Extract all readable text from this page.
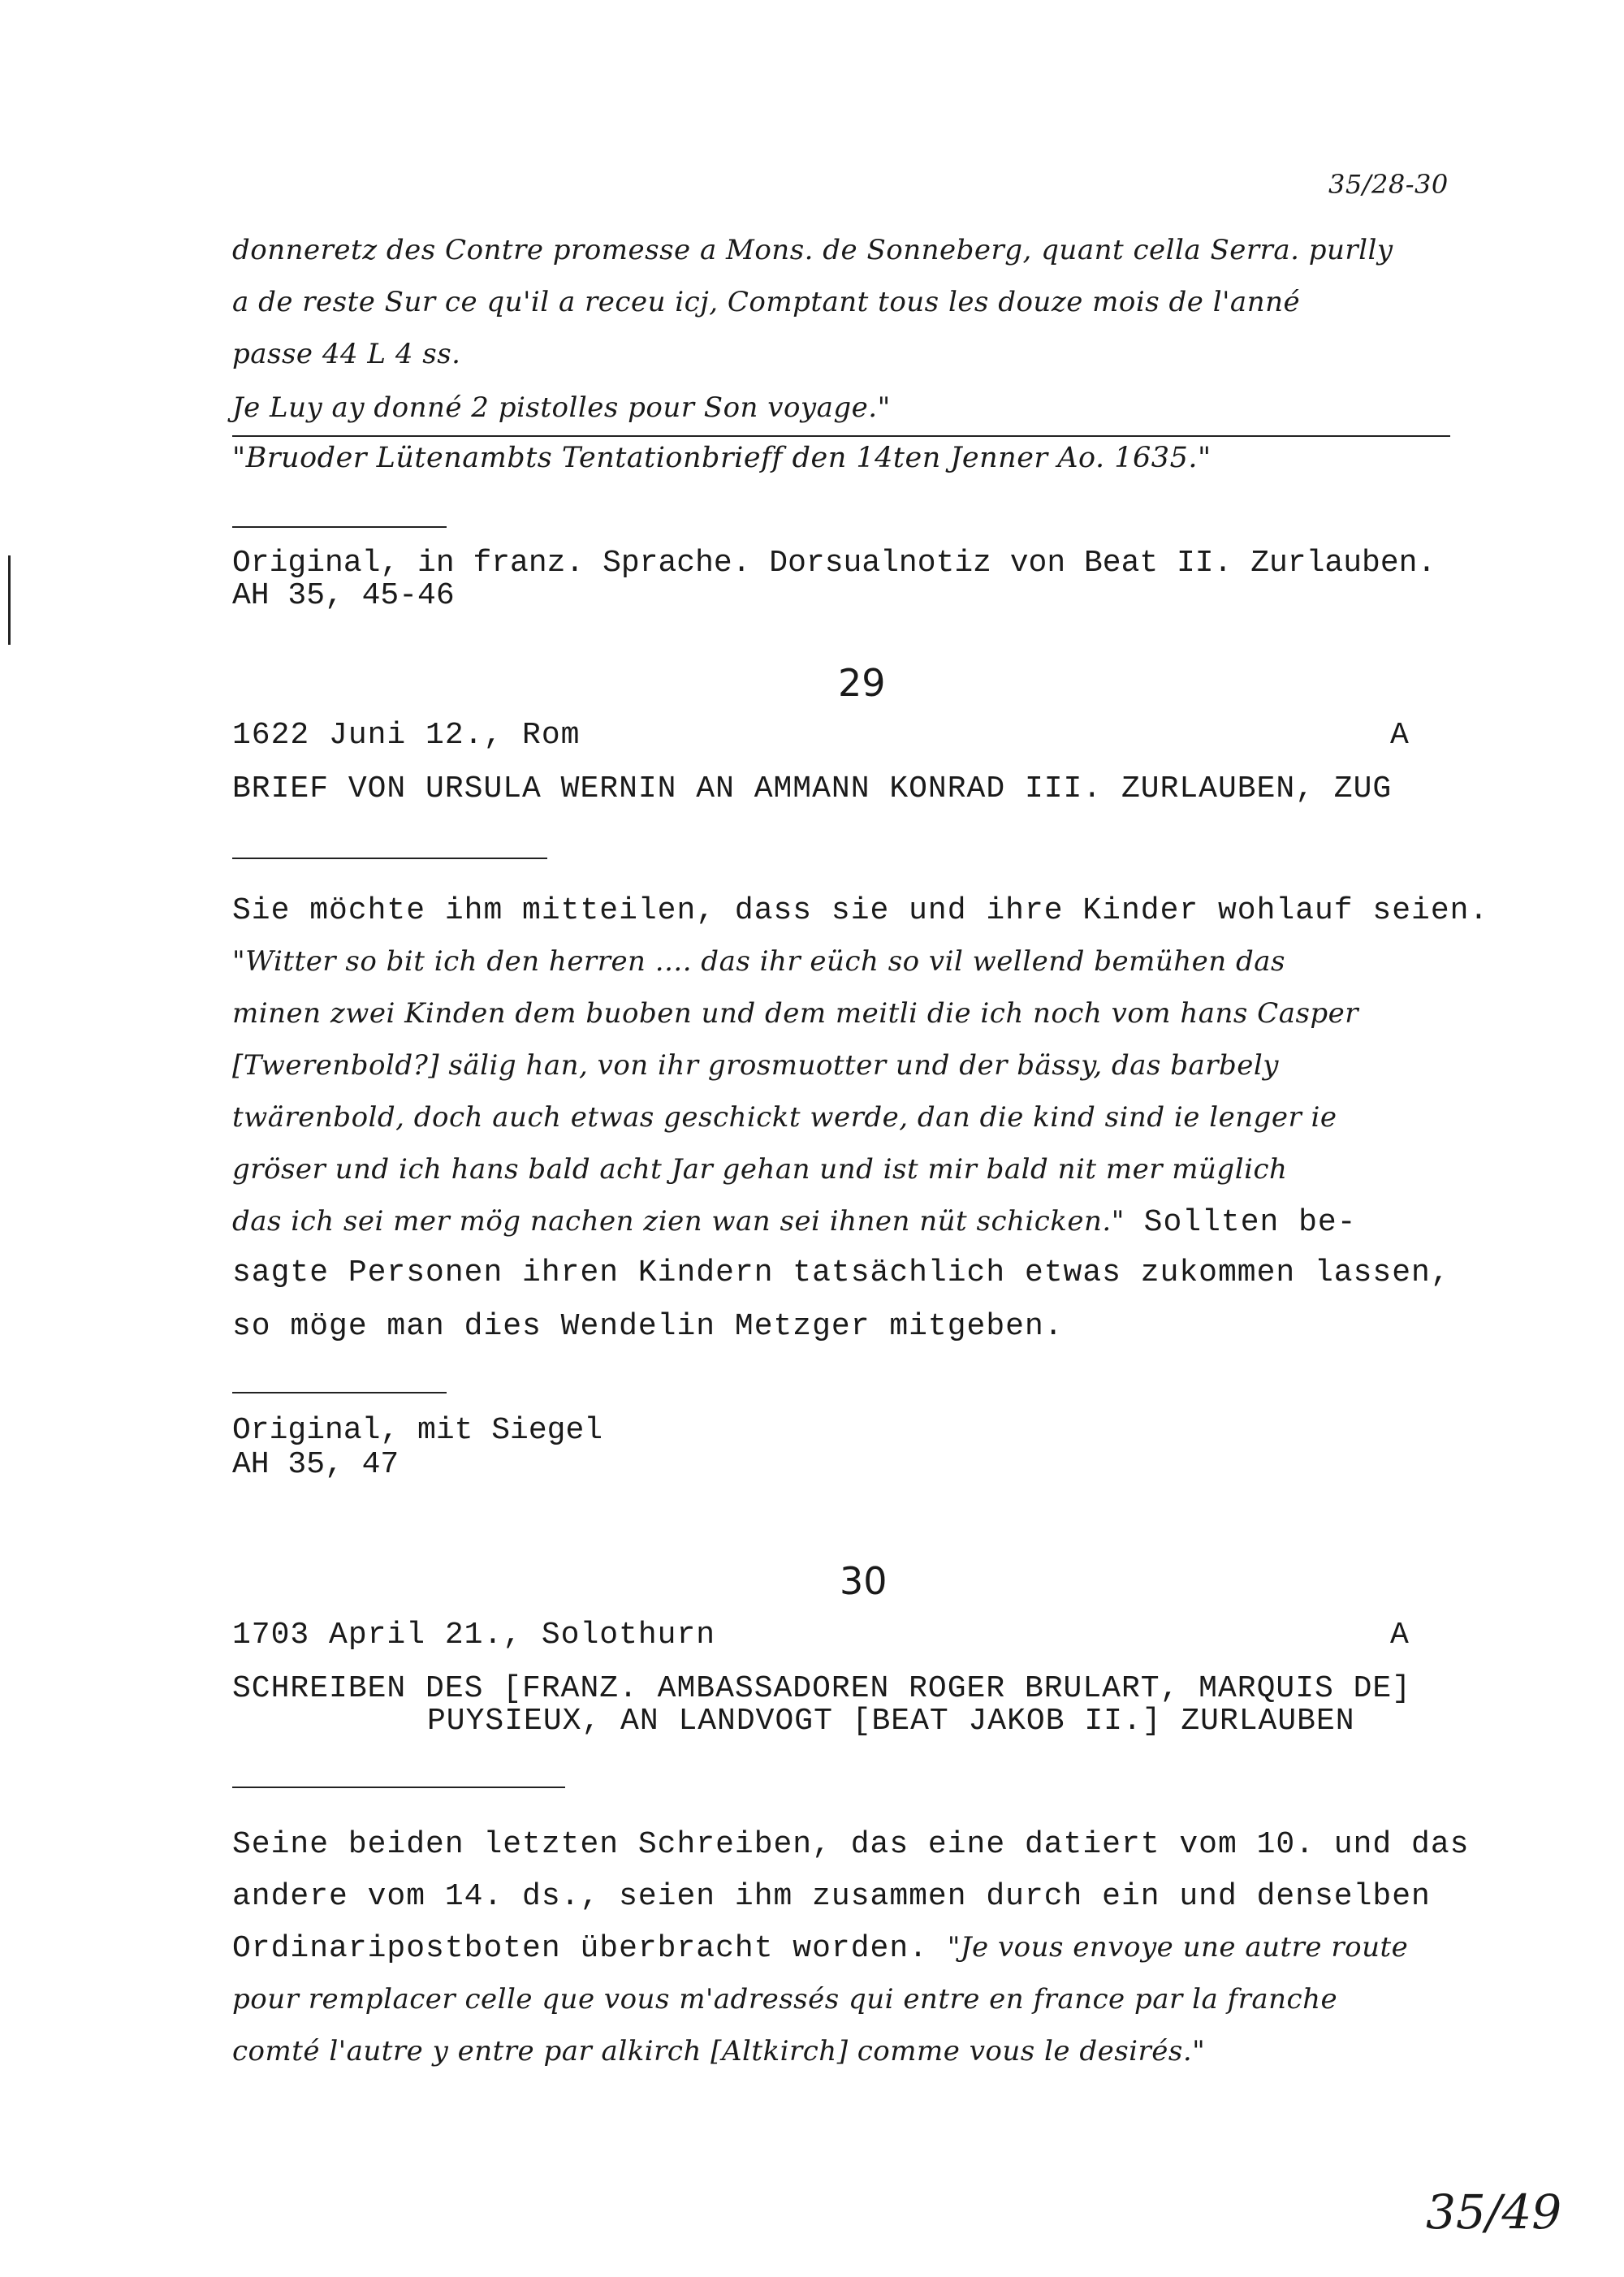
35/28-30
donneretz des Contre promesse a Mons. de Sonneberg, quant cella Serra. purlly
a de reste Sur ce qu'il a receu icj, Comptant tous les douze mois de l'anné
passe 44 L 4 ss.
Je Luy ay donné 2 pistolles pour Son voyage."
"Bruoder Lütenambts Tentationbrieff den 14ten Jenner Ao. 1635."
Original, in franz. Sprache. Dorsualnotiz von Beat II. Zurlauben.
AH 35, 45-46
29
1622 Juni 12., Rom	A
BRIEF VON URSULA WERNIN AN AMMANN KONRAD III. ZURLAUBEN, ZUG
Sie möchte ihm mitteilen, dass sie und ihre Kinder wohlauf seien.
"Witter so bit ich den herren .... das ihr eüch so vil wellend bemühen das
minen zwei Kinden dem buoben und dem meitli die ich noch vom hans Casper
[Twerenbold?] sälig han, von ihr grosmuotter und der bässy, das barbely
twärenbold, doch auch etwas geschickt werde, dan die kind sind ie lenger ie
gröser und ich hans bald acht Jar gehan und ist mir bald nit mer müglich
das ich sei mer mög nachen zien wan sei ihnen nüt schicken." Sollten be-
sagte Personen ihren Kindern tatsächlich etwas zukommen lassen,
so möge man dies Wendelin Metzger mitgeben.
Original, mit Siegel
AH 35, 47
30
1703 April 21., Solothurn	A
SCHREIBEN DES [FRANZ. AMBASSADOREN ROGER BRULART, MARQUIS DE]
PUYSIEUX, AN LANDVOGT [BEAT JAKOB II.] ZURLAUBEN
Seine beiden letzten Schreiben, das eine datiert vom 10. und das
andere vom 14. ds., seien ihm zusammen durch ein und denselben
Ordinaripostboten überbracht worden. "Je vous envoye une autre route
pour remplacer celle que vous m'adressés qui entre en france par la franche
comté l'autre y entre par alkirch [Altkirch] comme vous le desirés."
35/49
